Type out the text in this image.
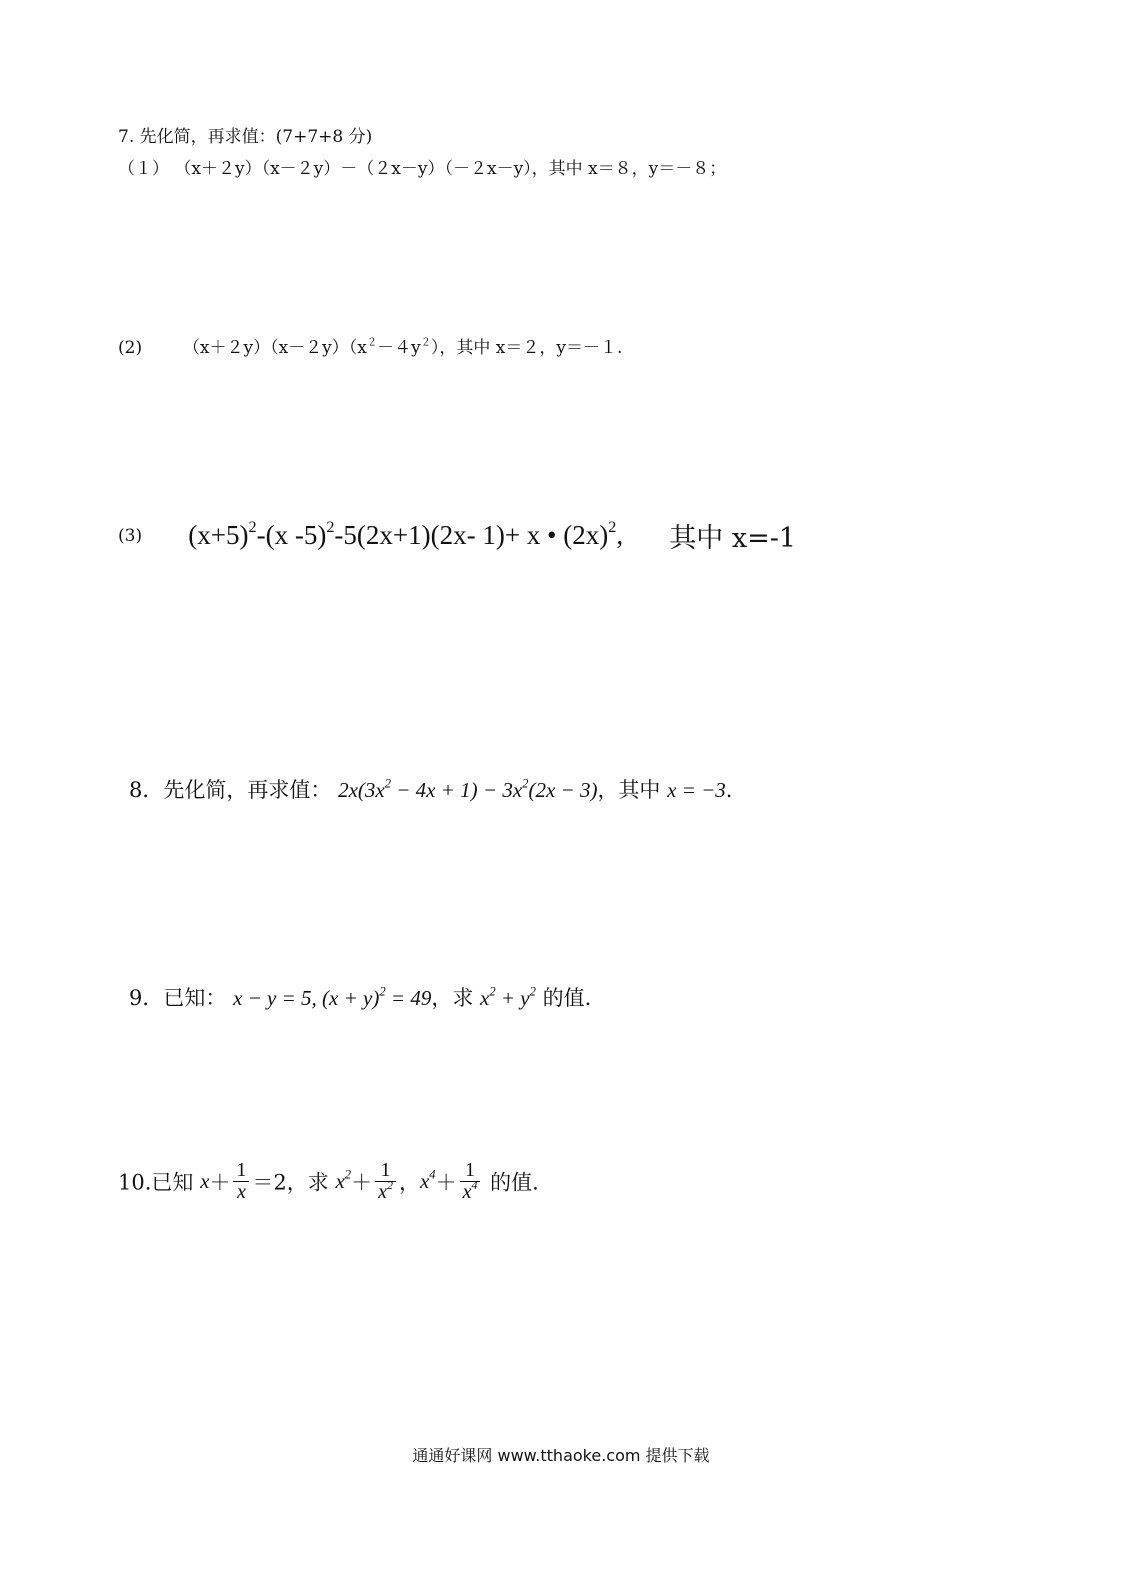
7. 先化简，再求值：(7+7+8 分)
（１） （x＋２y）（x－２y）－（２x－y）（－２x－y），其中 x＝８，y＝－８；
(2) $(x+2y)(x-2y)(x^2-4y^2)$，其中 x＝２，y＝－１.
(3) $(x+5)^2-(x$ -5)$^2$-5(2x+1)(2x- 1)+ x • $(2x)^2$, 其中 x=-1
8．先化简，再求值： $2x(3x^2 - 4x + 1) - 3x^2(2x - 3)$，其中 x = −3.
9．已知： x − y = 5, $(x + y)^2 = 49$，求 $x^2 + y^2$ 的值.
10.已知 $x+ \frac{1}{x} =2$，求 $x^2+ \frac{1}{x^2}$ ，$x^4+ \frac{1}{x^4}$ 的值.
通通好课网 www.tthaoke.com 提供下载
